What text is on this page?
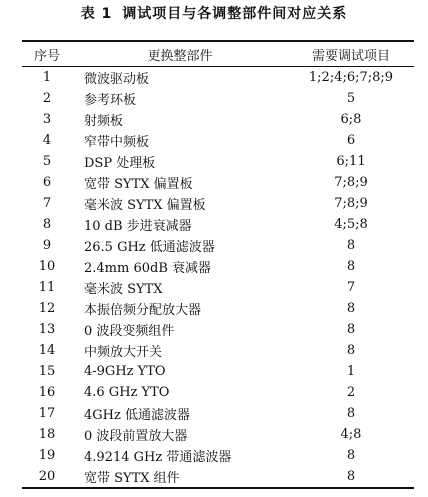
表 1 调试项目与各调整部件间对应关系
序号	更换整部件	需要调试项目
1	微波驱动板	1;2;4;6;7;8;9
2	参考环板	5
3	射频板	6;8
4	窄带中频板	6
5	DSP 处理板	6;11
6	宽带 SYTX 偏置板	7;8;9
7	毫米波 SYTX 偏置板	7;8;9
8	10 dB 步进衰减器	4;5;8
9	26.5 GHz 低通滤波器	8
10	2.4mm 60dB 衰减器	8
11	毫米波 SYTX	7
12	本振倍频分配放大器	8
13	0 波段变频组件	8
14	中频放大开关	8
15	4-9GHz YTO	1
16	4.6 GHz YTO	2
17	4GHz 低通滤波器	8
18	0 波段前置放大器	4;8
19	4.9214 GHz 带通滤波器	8
20	宽带 SYTX 组件	8
